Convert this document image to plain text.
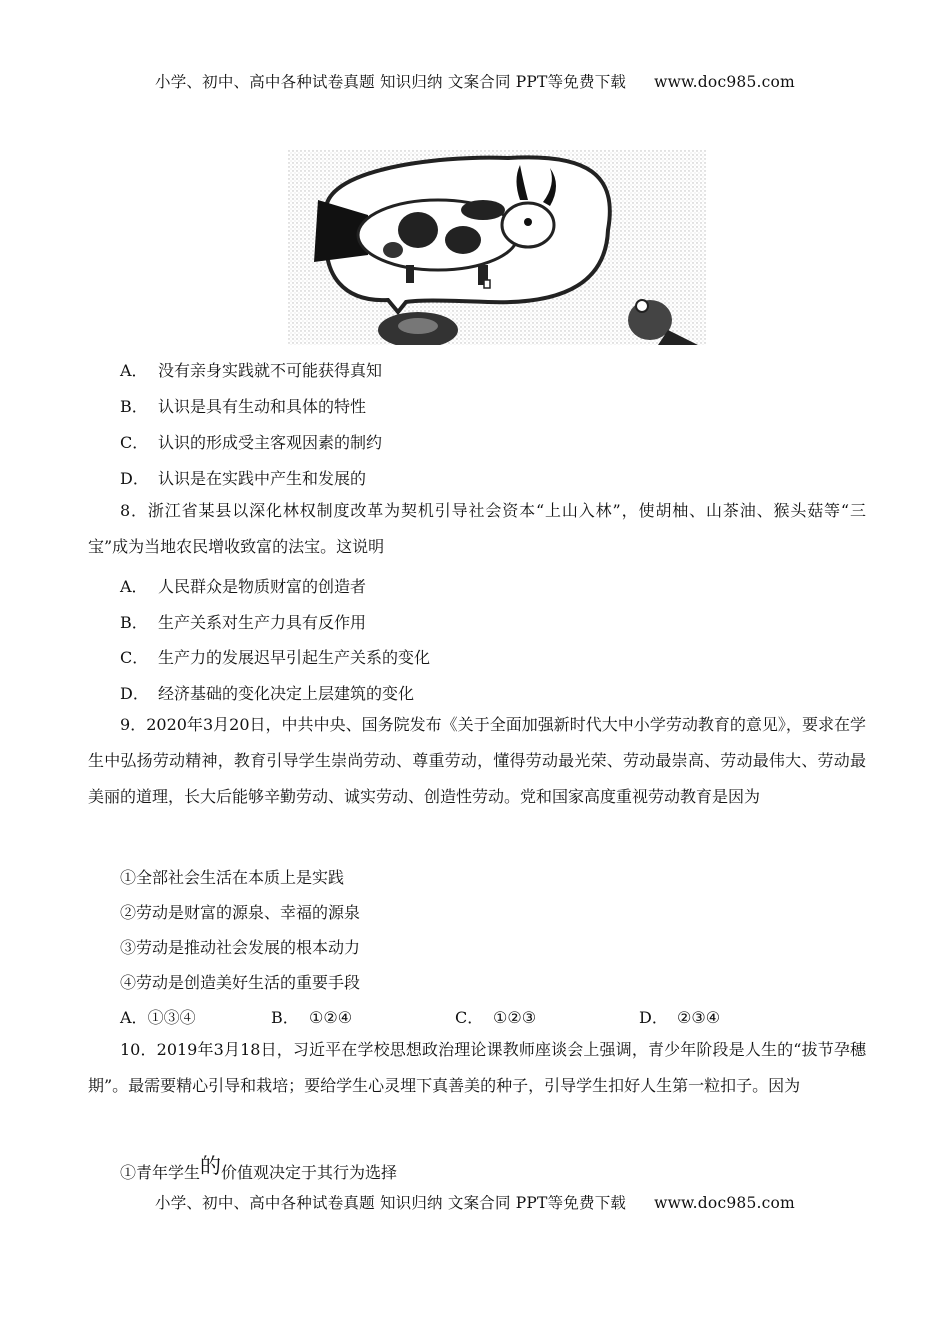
小学、初中、高中各种试卷真题 知识归纳 文案合同 PPT等免费下载 www.doc985.com
A． 没有亲身实践就不可能获得真知
B． 认识是具有生动和具体的特性
C． 认识的形成受主客观因素的制约
D． 认识是在实践中产生和发展的
8．浙江省某县以深化林权制度改革为契机引导社会资本“上山入林”，使胡柚、山茶油、猴头菇等“三宝”成为当地农民增收致富的法宝。这说明
A． 人民群众是物质财富的创造者
B． 生产关系对生产力具有反作用
C． 生产力的发展迟早引起生产关系的变化
D． 经济基础的变化决定上层建筑的变化
9．2020年3月20日，中共中央、国务院发布《关于全面加强新时代大中小学劳动教育的意见》，要求在学生中弘扬劳动精神，教育引导学生崇尚劳动、尊重劳动，懂得劳动最光荣、劳动最崇高、劳动最伟大、劳动最美丽的道理，长大后能够辛勤劳动、诚实劳动、创造性劳动。党和国家高度重视劳动教育是因为
①全部社会生活在本质上是实践
②劳动是财富的源泉、幸福的源泉
③劳动是推动社会发展的根本动力
④劳动是创造美好生活的重要手段
A．①③④	B． ①②④	C． ①②③	D． ②③④
10．2019年3月18日，习近平在学校思想政治理论课教师座谈会上强调，青少年阶段是人生的“拔节孕穗期”。最需要精心引导和栽培；要给学生心灵埋下真善美的种子，引导学生扣好人生第一粒扣子。因为
①青年学生的价值观决定于其行为选择
小学、初中、高中各种试卷真题 知识归纳 文案合同 PPT等免费下载 www.doc985.com
